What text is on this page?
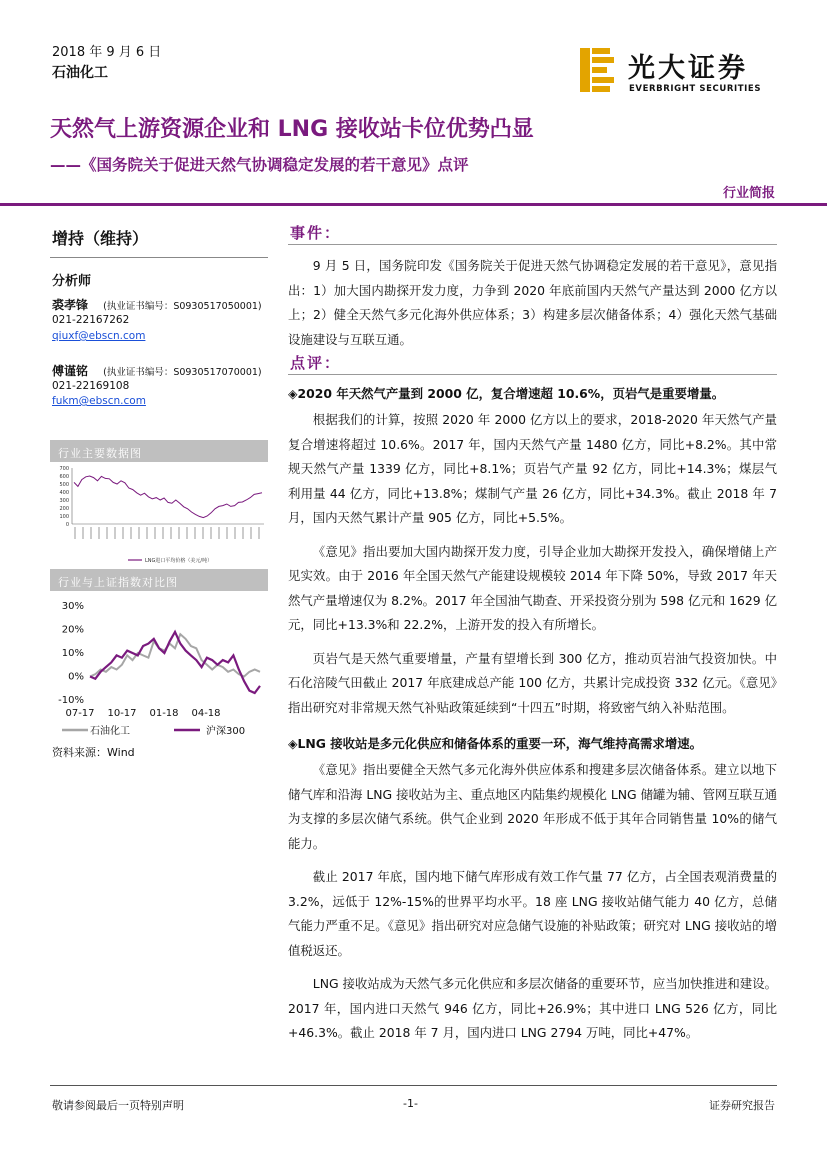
2018 年 9 月 6 日
石油化工	光大证券
EVERBRIGHT SECURITIES
天然气上游资源企业和 LNG 接收站卡位优势凸显
——《国务院关于促进天然气协调稳定发展的若干意见》点评
行业简报
增持（维持）
分析师
裘孝锋 (执业证书编号：S0930517050001)
021-22167262
qiuxf@ebscn.com
傅谨铭 (执业证书编号：S0930517070001)
021-22169108
fukm@ebscn.com
行业主要数据图
0
100
200
300
400
500
600
700
LNG进口平均价格（美元/吨）
行业与上证指数对比图
-10%
0%
10%
20%
30%
07-17 10-17 01-18 04-18
石油化工	沪深300
资料来源：Wind
事件：

9 月 5 日，国务院印发《国务院关于促进天然气协调稳定发展的若干意见》，意见指出：1）加大国内勘探开发力度，力争到 2020 年底前国内天然气产量达到 2000 亿方以上；2）健全天然气多元化海外供应体系；3）构建多层次储备体系；4）强化天然气基础设施建设与互联互通。

点评：
◈2020 年天然气产量到 2000 亿，复合增速超 10.6%，页岩气是重要增量。

根据我们的计算，按照 2020 年 2000 亿方以上的要求，2018-2020 年天然气产量复合增速将超过 10.6%。2017 年，国内天然气产量 1480 亿方，同比+8.2%。其中常规天然气产量 1339 亿方，同比+8.1%；页岩气产量 92 亿方，同比+14.3%；煤层气利用量 44 亿方，同比+13.8%；煤制气产量 26 亿方，同比+34.3%。截止 2018 年 7 月，国内天然气累计产量 905 亿方，同比+5.5%。

《意见》指出要加大国内勘探开发力度，引导企业加大勘探开发投入，确保增储上产见实效。由于 2016 年全国天然气产能建设规模较 2014 年下降 50%，导致 2017 年天然气产量增速仅为 8.2%。2017 年全国油气勘查、开采投资分别为 598 亿元和 1629 亿元，同比+13.3%和 22.2%，上游开发的投入有所增长。

页岩气是天然气重要增量，产量有望增长到 300 亿方，推动页岩油气投资加快。中石化涪陵气田截止 2017 年底建成总产能 100 亿方，共累计完成投资 332 亿元。《意见》指出研究对非常规天然气补贴政策延续到“十四五”时期，将致密气纳入补贴范围。

◈LNG 接收站是多元化供应和储备体系的重要一环，海气维持高需求增速。

《意见》指出要健全天然气多元化海外供应体系和搜建多层次储备体系。建立以地下储气库和沿海 LNG 接收站为主、重点地区内陆集约规模化 LNG 储罐为辅、管网互联互通为支撑的多层次储气系统。供气企业到 2020 年形成不低于其年合同销售量 10%的储气能力。

截止 2017 年底，国内地下储气库形成有效工作气量 77 亿方，占全国表观消费量的 3.2%，远低于 12%-15%的世界平均水平。18 座 LNG 接收站储气能力 40 亿方，总储气能力严重不足。《意见》指出研究对应急储气设施的补贴政策；研究对 LNG 接收站的增值税返还。

LNG 接收站成为天然气多元化供应和多层次储备的重要环节，应当加快推进和建设。2017 年，国内进口天然气 946 亿方，同比+26.9%；其中进口 LNG 526 亿方，同比+46.3%。截止 2018 年 7 月，国内进口 LNG 2794 万吨，同比+47%。

敬请参阅最后一页特别声明	-1-	证券研究报告
